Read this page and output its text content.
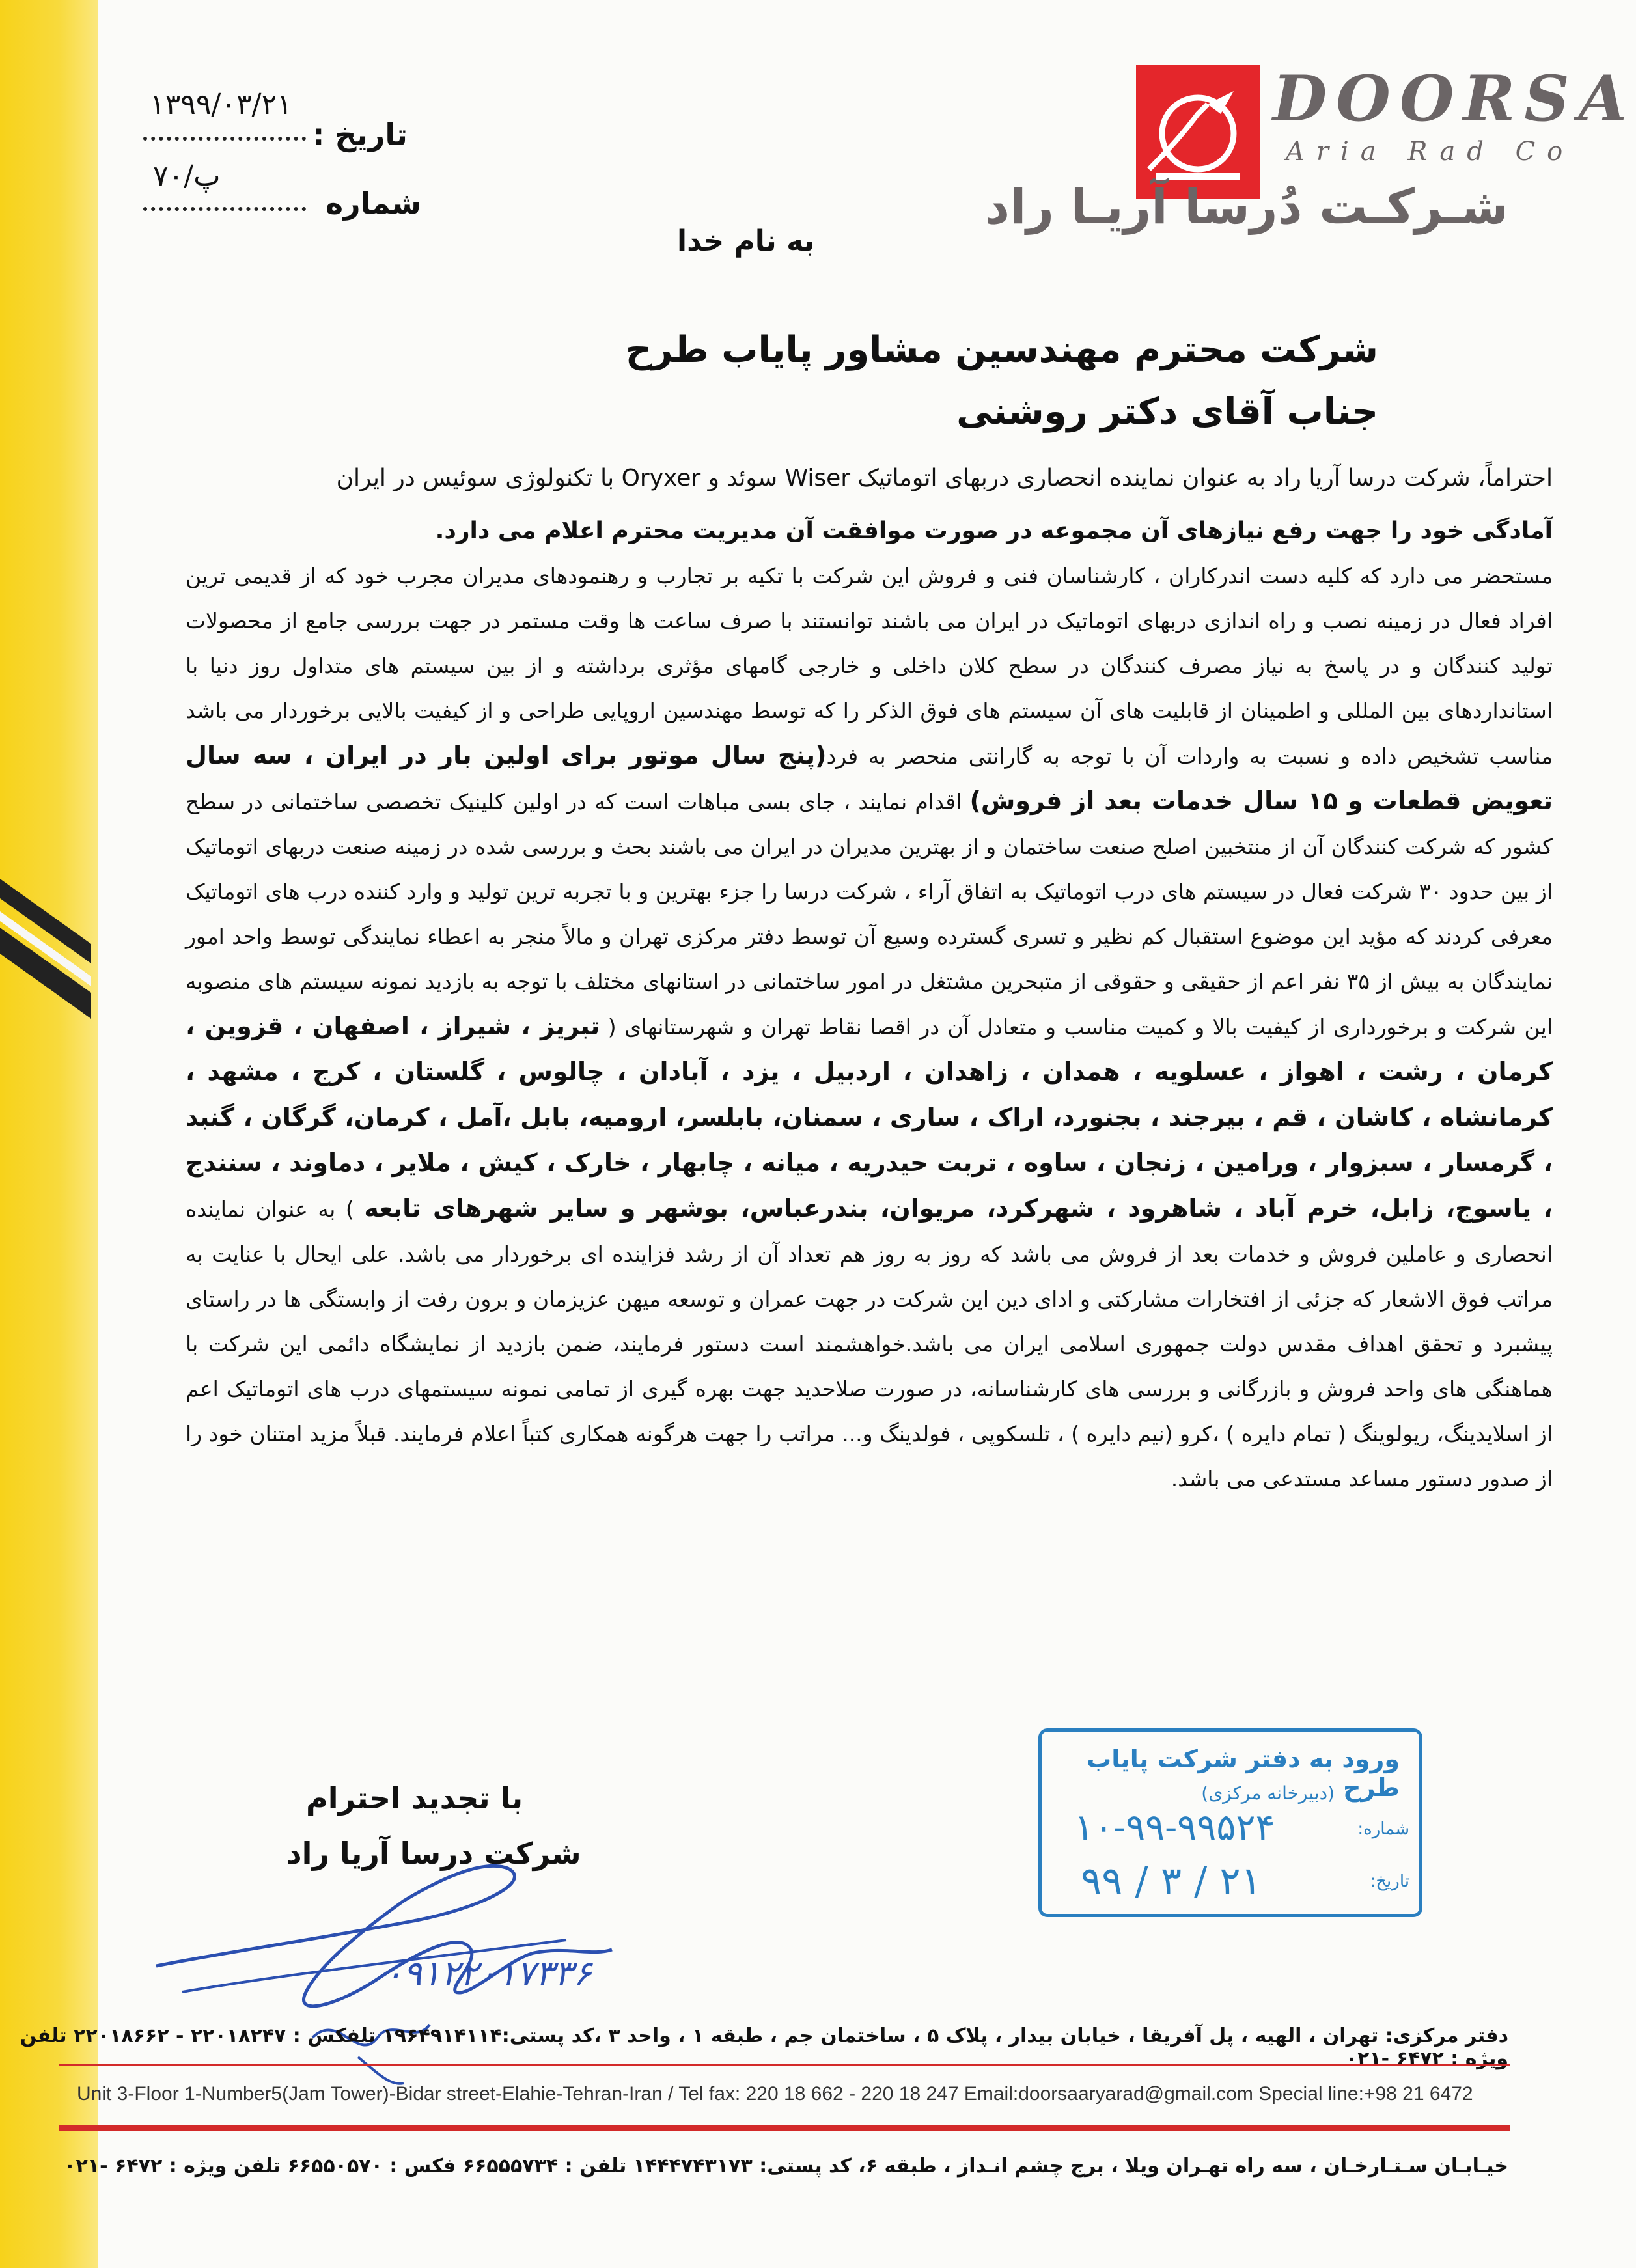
DOORSA
Aria Rad Co
شـرکـت دُرسا آریـا راد
۱۳۹۹/۰۳/۲۱
تاریخ :
پ/۷۰
شماره
به نام خدا
شرکت محترم مهندسین مشاور پایاب طرح
جناب آقای دکتر روشنی

احتراماً، شرکت درسا آریا راد به عنوان نماینده انحصاری دربهای اتوماتیک Wiser سوئد و Oryxer با تکنولوژی سوئیس در ایران

آمادگی خود را جهت رفع نیازهای آن مجموعه در صورت موافقت آن مدیریت محترم اعلام می دارد.

مستحضر می دارد که کلیه دست اندرکاران ، کارشناسان فنی و فروش این شرکت با تکیه بر تجارب و رهنمودهای مدیران مجرب خود که از قدیمی ترین افراد فعال در زمینه نصب و راه اندازی دربهای اتوماتیک در ایران می باشند توانستند با صرف ساعت ها وقت مستمر در جهت بررسی جامع از محصولات تولید کنندگان و در پاسخ به نیاز مصرف کنندگان در سطح کلان داخلی و خارجی گامهای مؤثری برداشته و از بین سیستم های متداول روز دنیا با استانداردهای بین المللی و اطمینان از قابلیت های آن سیستم های فوق الذکر را که توسط مهندسین اروپایی طراحی و از کیفیت بالایی برخوردار می باشد مناسب تشخیص داده و نسبت به واردات آن با توجه به گارانتی منحصر به فرد(پنج سال موتور برای اولین بار در ایران ، سه سال تعویض قطعات و ۱۵ سال خدمات بعد از فروش) اقدام نمایند ، جای بسی مباهات است که در اولین کلینیک تخصصی ساختمانی در سطح کشور که شرکت کنندگان آن از منتخبین اصلح صنعت ساختمان و از بهترین مدیران در ایران می باشند بحث و بررسی شده در زمینه صنعت دربهای اتوماتیک از بین حدود ۳۰ شرکت فعال در سیستم های درب اتوماتیک به اتفاق آراء ، شرکت درسا را جزء بهترین و با تجربه ترین تولید و وارد کننده درب های اتوماتیک معرفی کردند که مؤید این موضوع استقبال کم نظیر و تسری گسترده وسیع آن توسط دفتر مرکزی تهران و مالاً منجر به اعطاء نمایندگی توسط واحد امور نمایندگان به بیش از ۳۵ نفر اعم از حقیقی و حقوقی از متبحرین مشتغل در امور ساختمانی در استانهای مختلف با توجه به بازدید نمونه سیستم های منصوبه این شرکت و برخورداری از کیفیت بالا و کمیت مناسب و متعادل آن در اقصا نقاط تهران و شهرستانهای ( تبریز ، شیراز ، اصفهان ، قزوین ، کرمان ، رشت ، اهواز ، عسلویه ، همدان ، زاهدان ، اردبیل ، یزد ، آبادان ، چالوس ، گلستان ، کرج ، مشهد ، کرمانشاه ، کاشان ، قم ، بیرجند ، بجنورد، اراک ، ساری ، سمنان، بابلسر، ارومیه، بابل ،آمل ، کرمان، گرگان ، گنبد ، گرمسار ، سبزوار ، ورامین ، زنجان ، ساوه ، تربت حیدریه ، میانه ، چابهار ، خارک ، کیش ، ملایر ، دماوند ، سنندج ، یاسوج، زابل، خرم آباد ، شاهرود ، شهرکرد، مریوان، بندرعباس، بوشهر و سایر شهرهای تابعه ) به عنوان نماینده انحصاری و عاملین فروش و خدمات بعد از فروش می باشد که روز به روز هم تعداد آن از رشد فزاینده ای برخوردار می باشد. علی ایحال با عنایت به مراتب فوق الاشعار که جزئی از افتخارات مشارکتی و ادای دین این شرکت در جهت عمران و توسعه میهن عزیزمان و برون رفت از وابستگی ها در راستای پیشبرد و تحقق اهداف مقدس دولت جمهوری اسلامی ایران می باشد.خواهشمند است دستور فرمایند، ضمن بازدید از نمایشگاه دائمی این شرکت با هماهنگی های واحد فروش و بازرگانی و بررسی های کارشناسانه، در صورت صلاحدید جهت بهره گیری از تمامی نمونه سیستمهای درب های اتوماتیک اعم از اسلایدینگ، ریولوینگ ( تمام دایره ) ،کرو (نیم دایره ) ، تلسکوپی ، فولدینگ و... مراتب را جهت هرگونه همکاری کتباً اعلام فرمایند. قبلاً مزید امتنان خود را از صدور دستور مساعد مستدعی می باشد.

ورود به دفتر شرکت پایاب طرح
(دبیرخانه مرکزی)
شماره:
۱۰-۹۹-۹۹۵۲۴
تاریخ:
۹۹ / ۳ / ۲۱
با تجدید احترام
شرکت درسا آریا راد
۰۹۱۲۲۰۱۷۳۳۶
دفتر مرکزی: تهران ، الهیه ، پل آفریقا ، خیابان بیدار ، پلاک ۵ ، ساختمان جم ، طبقه ۱ ، واحد ۳ ،کد پستی:۱۹۶۴۹۱۴۱۱۴ تلفکس : ۲۲۰۱۸۲۴۷ - ۲۲۰۱۸۶۶۲ تلفن ویژه : ۶۴۷۲ -۰۲۱
Unit 3-Floor 1-Number5(Jam Tower)-Bidar street-Elahie-Tehran-Iran / Tel fax: 220 18 662 - 220 18 247 Email:doorsaaryarad@gmail.com Special line:+98 21 6472
خیـابـان سـتـارخـان ، سه راه تهـران ویلا ، برج چشم انـداز ، طبقه ۶، کد پستی: ۱۴۴۴۷۴۳۱۷۳ تلفن : ۶۶۵۵۵۷۳۴ فکس : ۶۶۵۵۰۵۷۰ تلفن ویژه : ۶۴۷۲ -۰۲۱
